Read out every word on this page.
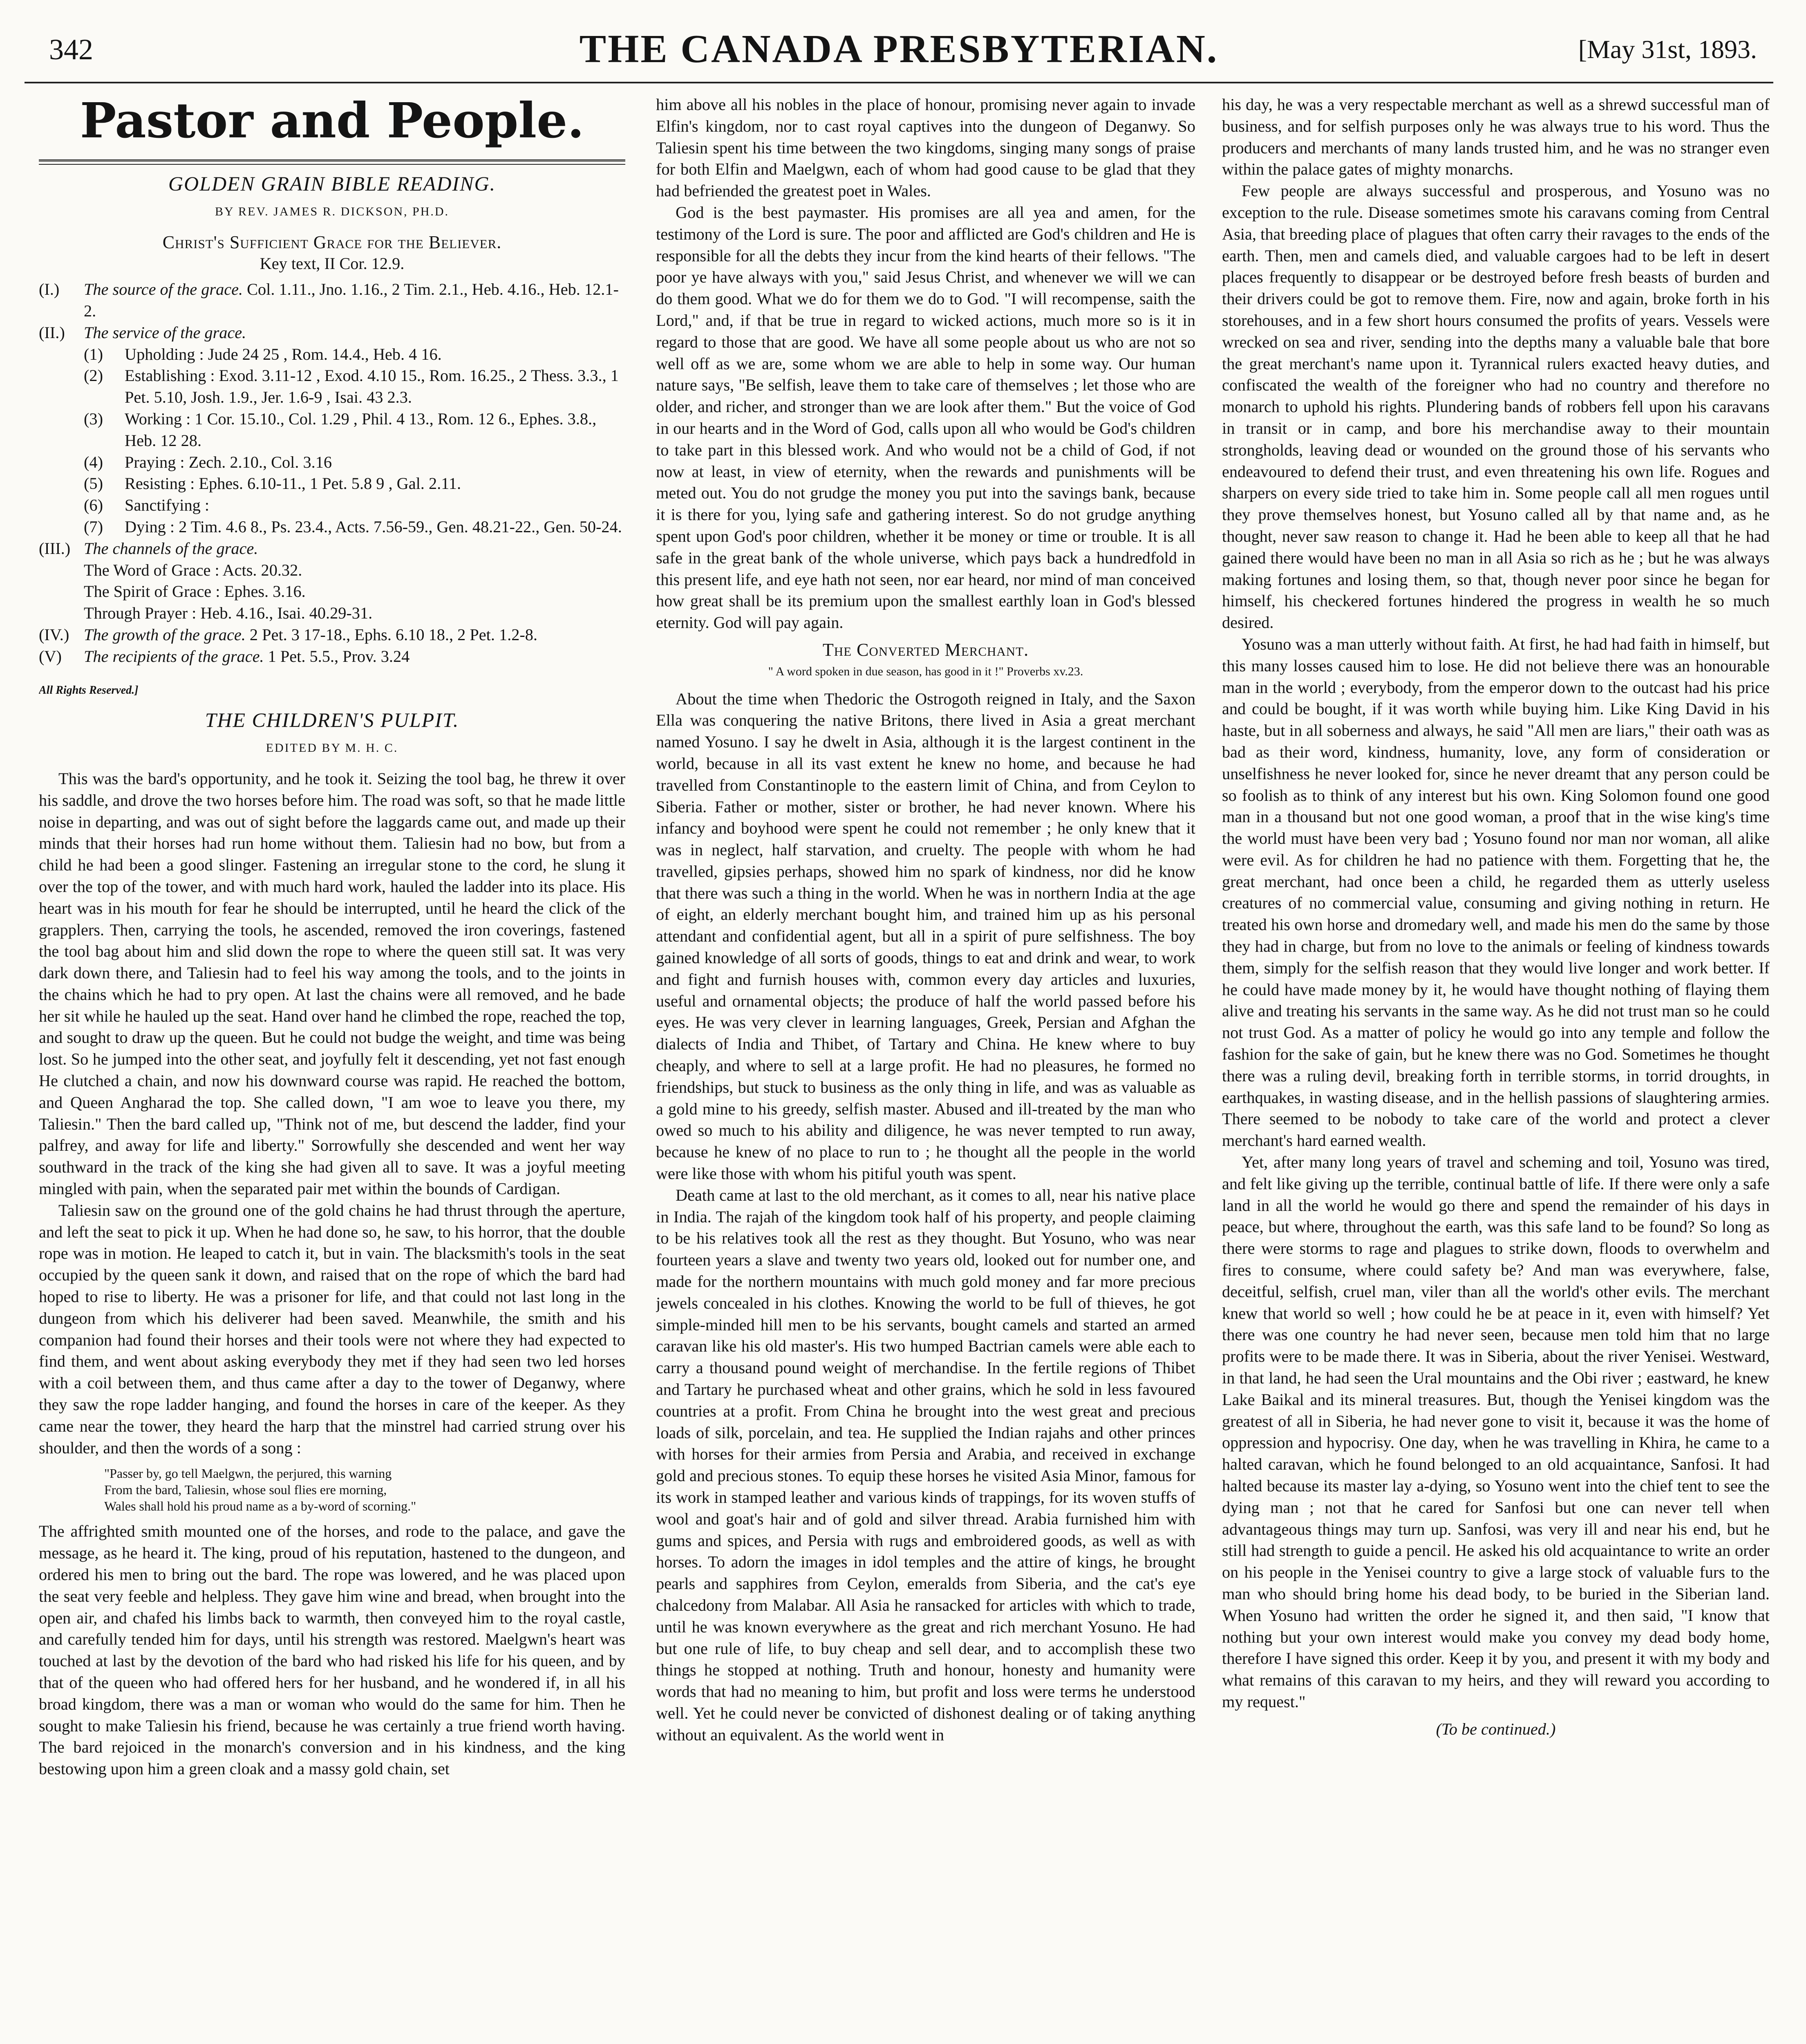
342	THE CANADA PRESBYTERIAN.	[May 31st, 1893.
Pastor and People.
GOLDEN GRAIN BIBLE READING.
BY REV. JAMES R. DICKSON, PH.D.
Christ's Sufficient Grace for the Believer.
Key text, II Cor. 12.9.
(I.)	The source of the grace. Col. 1.11., Jno. 1.16., 2 Tim. 2.1., Heb. 4.16., Heb. 12.1-2.
(II.)	The service of the grace.
(1)	Upholding : Jude 24 25 , Rom. 14.4., Heb. 4 16.
(2)	Establishing : Exod. 3.11-12 , Exod. 4.10 15., Rom. 16.25., 2 Thess. 3.3., 1 Pet. 5.10, Josh. 1.9., Jer. 1.6-9 , Isai. 43 2.3.
(3)	Working : 1 Cor. 15.10., Col. 1.29 , Phil. 4 13., Rom. 12 6., Ephes. 3.8., Heb. 12 28.
(4)	Praying : Zech. 2.10., Col. 3.16
(5)	Resisting : Ephes. 6.10-11., 1 Pet. 5.8 9 , Gal. 2.11.
(6)	Sanctifying :
(7)	Dying : 2 Tim. 4.6 8., Ps. 23.4., Acts. 7.56-59., Gen. 48.21-22., Gen. 50-24.
(III.) The channels of the grace.
The Word of Grace : Acts. 20.32.
The Spirit of Grace : Ephes. 3.16.
Through Prayer : Heb. 4.16., Isai. 40.29-31.
(IV.) The growth of the grace. 2 Pet. 3 17-18., Ephs. 6.10 18., 2 Pet. 1.2-8.
(V)	The recipients of the grace. 1 Pet. 5.5., Prov. 3.24
All Rights Reserved.]
THE CHILDREN'S PULPIT.
EDITED BY M. H. C.

This was the bard's opportunity, and he took it. Seizing the tool bag, he threw it over his saddle, and drove the two horses before him. The road was soft, so that he made little noise in departing, and was out of sight before the laggards came out, and made up their minds that their horses had run home without them. Taliesin had no bow, but from a child he had been a good slinger. Fastening an irregular stone to the cord, he slung it over the top of the tower, and with much hard work, hauled the ladder into its place. His heart was in his mouth for fear he should be interrupted, until he heard the click of the grapplers. Then, carrying the tools, he ascended, removed the iron coverings, fastened the tool bag about him and slid down the rope to where the queen still sat. It was very dark down there, and Taliesin had to feel his way among the tools, and to the joints in the chains which he had to pry open. At last the chains were all removed, and he bade her sit while he hauled up the seat. Hand over hand he climbed the rope, reached the top, and sought to draw up the queen. But he could not budge the weight, and time was being lost. So he jumped into the other seat, and joyfully felt it descending, yet not fast enough He clutched a chain, and now his downward course was rapid. He reached the bottom, and Queen Angharad the top. She called down, "I am woe to leave you there, my Taliesin." Then the bard called up, "Think not of me, but descend the ladder, find your palfrey, and away for life and liberty." Sorrowfully she descended and went her way southward in the track of the king she had given all to save. It was a joyful meeting mingled with pain, when the separated pair met within the bounds of Cardigan.

Taliesin saw on the ground one of the gold chains he had thrust through the aperture, and left the seat to pick it up. When he had done so, he saw, to his horror, that the double rope was in motion. He leaped to catch it, but in vain. The blacksmith's tools in the seat occupied by the queen sank it down, and raised that on the rope of which the bard had hoped to rise to liberty. He was a prisoner for life, and that could not last long in the dungeon from which his deliverer had been saved. Meanwhile, the smith and his companion had found their horses and their tools were not where they had expected to find them, and went about asking everybody they met if they had seen two led horses with a coil between them, and thus came after a day to the tower of Deganwy, where they saw the rope ladder hanging, and found the horses in care of the keeper. As they came near the tower, they heard the harp that the minstrel had carried strung over his shoulder, and then the words of a song :

"Passer by, go tell Maelgwn, the perjured, this warning
From the bard, Taliesin, whose soul flies ere morning,
Wales shall hold his proud name as a by-word of scorning."

The affrighted smith mounted one of the horses, and rode to the palace, and gave the message, as he heard it. The king, proud of his reputation, hastened to the dungeon, and ordered his men to bring out the bard. The rope was lowered, and he was placed upon the seat very feeble and helpless. They gave him wine and bread, when brought into the open air, and chafed his limbs back to warmth, then conveyed him to the royal castle, and carefully tended him for days, until his strength was restored. Maelgwn's heart was touched at last by the devotion of the bard who had risked his life for his queen, and by that of the queen who had offered hers for her husband, and he wondered if, in all his broad kingdom, there was a man or woman who would do the same for him. Then he sought to make Taliesin his friend, because he was certainly a true friend worth having. The bard rejoiced in the monarch's conversion and in his kindness, and the king bestowing upon him a green cloak and a massy gold chain, set

him above all his nobles in the place of honour, promising never again to invade Elfin's kingdom, nor to cast royal captives into the dungeon of Deganwy. So Taliesin spent his time between the two kingdoms, singing many songs of praise for both Elfin and Maelgwn, each of whom had good cause to be glad that they had befriended the greatest poet in Wales.

God is the best paymaster. His promises are all yea and amen, for the testimony of the Lord is sure. The poor and afflicted are God's children and He is responsible for all the debts they incur from the kind hearts of their fellows. "The poor ye have always with you," said Jesus Christ, and whenever we will we can do them good. What we do for them we do to God. "I will recompense, saith the Lord," and, if that be true in regard to wicked actions, much more so is it in regard to those that are good. We have all some people about us who are not so well off as we are, some whom we are able to help in some way. Our human nature says, "Be selfish, leave them to take care of themselves ; let those who are older, and richer, and stronger than we are look after them." But the voice of God in our hearts and in the Word of God, calls upon all who would be God's children to take part in this blessed work. And who would not be a child of God, if not now at least, in view of eternity, when the rewards and punishments will be meted out. You do not grudge the money you put into the savings bank, because it is there for you, lying safe and gathering interest. So do not grudge anything spent upon God's poor children, whether it be money or time or trouble. It is all safe in the great bank of the whole universe, which pays back a hundredfold in this present life, and eye hath not seen, nor ear heard, nor mind of man conceived how great shall be its premium upon the smallest earthly loan in God's blessed eternity. God will pay again.

The Converted Merchant.
" A word spoken in due season, has good in it !" Proverbs xv.23.

About the time when Thedoric the Ostrogoth reigned in Italy, and the Saxon Ella was conquering the native Britons, there lived in Asia a great merchant named Yosuno. I say he dwelt in Asia, although it is the largest continent in the world, because in all its vast extent he knew no home, and because he had travelled from Constantinople to the eastern limit of China, and from Ceylon to Siberia. Father or mother, sister or brother, he had never known. Where his infancy and boyhood were spent he could not remember ; he only knew that it was in neglect, half starvation, and cruelty. The people with whom he had travelled, gipsies perhaps, showed him no spark of kindness, nor did he know that there was such a thing in the world. When he was in northern India at the age of eight, an elderly merchant bought him, and trained him up as his personal attendant and confidential agent, but all in a spirit of pure selfishness. The boy gained knowledge of all sorts of goods, things to eat and drink and wear, to work and fight and furnish houses with, common every day articles and luxuries, useful and ornamental objects; the produce of half the world passed before his eyes. He was very clever in learning languages, Greek, Persian and Afghan the dialects of India and Thibet, of Tartary and China. He knew where to buy cheaply, and where to sell at a large profit. He had no pleasures, he formed no friendships, but stuck to business as the only thing in life, and was as valuable as a gold mine to his greedy, selfish master. Abused and ill-treated by the man who owed so much to his ability and diligence, he was never tempted to run away, because he knew of no place to run to ; he thought all the people in the world were like those with whom his pitiful youth was spent.

Death came at last to the old merchant, as it comes to all, near his native place in India. The rajah of the kingdom took half of his property, and people claiming to be his relatives took all the rest as they thought. But Yosuno, who was near fourteen years a slave and twenty two years old, looked out for number one, and made for the northern mountains with much gold money and far more precious jewels concealed in his clothes. Knowing the world to be full of thieves, he got simple-minded hill men to be his servants, bought camels and started an armed caravan like his old master's. His two humped Bactrian camels were able each to carry a thousand pound weight of merchandise. In the fertile regions of Thibet and Tartary he purchased wheat and other grains, which he sold in less favoured countries at a profit. From China he brought into the west great and precious loads of silk, porcelain, and tea. He supplied the Indian rajahs and other princes with horses for their armies from Persia and Arabia, and received in exchange gold and precious stones. To equip these horses he visited Asia Minor, famous for its work in stamped leather and various kinds of trappings, for its woven stuffs of wool and goat's hair and of gold and silver thread. Arabia furnished him with gums and spices, and Persia with rugs and embroidered goods, as well as with horses. To adorn the images in idol temples and the attire of kings, he brought pearls and sapphires from Ceylon, emeralds from Siberia, and the cat's eye chalcedony from Malabar. All Asia he ransacked for articles with which to trade, until he was known everywhere as the great and rich merchant Yosuno. He had but one rule of life, to buy cheap and sell dear, and to accomplish these two things he stopped at nothing. Truth and honour, honesty and humanity were words that had no meaning to him, but profit and loss were terms he understood well. Yet he could never be convicted of dishonest dealing or of taking anything without an equivalent. As the world went in

his day, he was a very respectable merchant as well as a shrewd successful man of business, and for selfish purposes only he was always true to his word. Thus the producers and merchants of many lands trusted him, and he was no stranger even within the palace gates of mighty monarchs.

Few people are always successful and prosperous, and Yosuno was no exception to the rule. Disease sometimes smote his caravans coming from Central Asia, that breeding place of plagues that often carry their ravages to the ends of the earth. Then, men and camels died, and valuable cargoes had to be left in desert places frequently to disappear or be destroyed before fresh beasts of burden and their drivers could be got to remove them. Fire, now and again, broke forth in his storehouses, and in a few short hours consumed the profits of years. Vessels were wrecked on sea and river, sending into the depths many a valuable bale that bore the great merchant's name upon it. Tyrannical rulers exacted heavy duties, and confiscated the wealth of the foreigner who had no country and therefore no monarch to uphold his rights. Plundering bands of robbers fell upon his caravans in transit or in camp, and bore his merchandise away to their mountain strongholds, leaving dead or wounded on the ground those of his servants who endeavoured to defend their trust, and even threatening his own life. Rogues and sharpers on every side tried to take him in. Some people call all men rogues until they prove themselves honest, but Yosuno called all by that name and, as he thought, never saw reason to change it. Had he been able to keep all that he had gained there would have been no man in all Asia so rich as he ; but he was always making fortunes and losing them, so that, though never poor since he began for himself, his checkered fortunes hindered the progress in wealth he so much desired.

Yosuno was a man utterly without faith. At first, he had had faith in himself, but this many losses caused him to lose. He did not believe there was an honourable man in the world ; everybody, from the emperor down to the outcast had his price and could be bought, if it was worth while buying him. Like King David in his haste, but in all soberness and always, he said "All men are liars," their oath was as bad as their word, kindness, humanity, love, any form of consideration or unselfishness he never looked for, since he never dreamt that any person could be so foolish as to think of any interest but his own. King Solomon found one good man in a thousand but not one good woman, a proof that in the wise king's time the world must have been very bad ; Yosuno found nor man nor woman, all alike were evil. As for children he had no patience with them. Forgetting that he, the great merchant, had once been a child, he regarded them as utterly useless creatures of no commercial value, consuming and giving nothing in return. He treated his own horse and dromedary well, and made his men do the same by those they had in charge, but from no love to the animals or feeling of kindness towards them, simply for the selfish reason that they would live longer and work better. If he could have made money by it, he would have thought nothing of flaying them alive and treating his servants in the same way. As he did not trust man so he could not trust God. As a matter of policy he would go into any temple and follow the fashion for the sake of gain, but he knew there was no God. Sometimes he thought there was a ruling devil, breaking forth in terrible storms, in torrid droughts, in earthquakes, in wasting disease, and in the hellish passions of slaughtering armies. There seemed to be nobody to take care of the world and protect a clever merchant's hard earned wealth.

Yet, after many long years of travel and scheming and toil, Yosuno was tired, and felt like giving up the terrible, continual battle of life. If there were only a safe land in all the world he would go there and spend the remainder of his days in peace, but where, throughout the earth, was this safe land to be found? So long as there were storms to rage and plagues to strike down, floods to overwhelm and fires to consume, where could safety be? And man was everywhere, false, deceitful, selfish, cruel man, viler than all the world's other evils. The merchant knew that world so well ; how could he be at peace in it, even with himself? Yet there was one country he had never seen, because men told him that no large profits were to be made there. It was in Siberia, about the river Yenisei. Westward, in that land, he had seen the Ural mountains and the Obi river ; eastward, he knew Lake Baikal and its mineral treasures. But, though the Yenisei kingdom was the greatest of all in Siberia, he had never gone to visit it, because it was the home of oppression and hypocrisy. One day, when he was travelling in Khira, he came to a halted caravan, which he found belonged to an old acquaintance, Sanfosi. It had halted because its master lay a-dying, so Yosuno went into the chief tent to see the dying man ; not that he cared for Sanfosi but one can never tell when advantageous things may turn up. Sanfosi, was very ill and near his end, but he still had strength to guide a pencil. He asked his old acquaintance to write an order on his people in the Yenisei country to give a large stock of valuable furs to the man who should bring home his dead body, to be buried in the Siberian land. When Yosuno had written the order he signed it, and then said, "I know that nothing but your own interest would make you convey my dead body home, therefore I have signed this order. Keep it by you, and present it with my body and what remains of this caravan to my heirs, and they will reward you according to my request."

(To be continued.)
